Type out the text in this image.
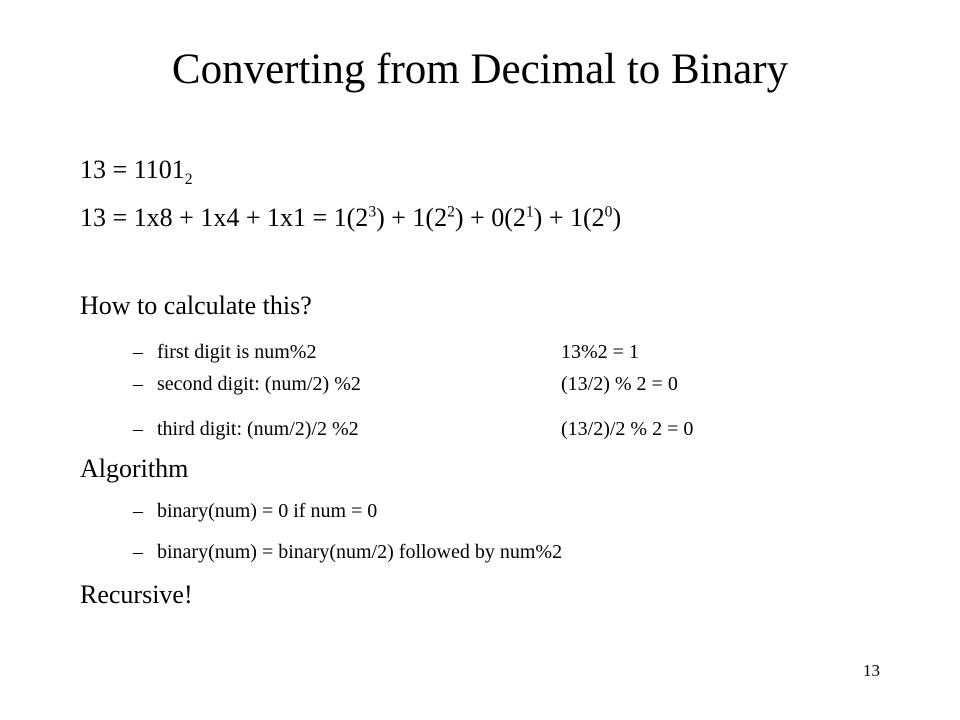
Converting from Decimal to Binary
$13 = 1101_2$
$13 = 1x8 + 1x4 + 1x1 = 1(2^3) + 1(2^2) + 0(2^1) + 1(2^0)$
How to calculate this?
– first digit is num%2	13%2 = 1
– second digit: (num/2) %2	(13/2) % 2 = 0
– third digit: (num/2)/2 %2	(13/2)/2 % 2 = 0
Algorithm
– binary(num) = 0 if num = 0
– binary(num) = binary(num/2) followed by num%2
Recursive!
13
